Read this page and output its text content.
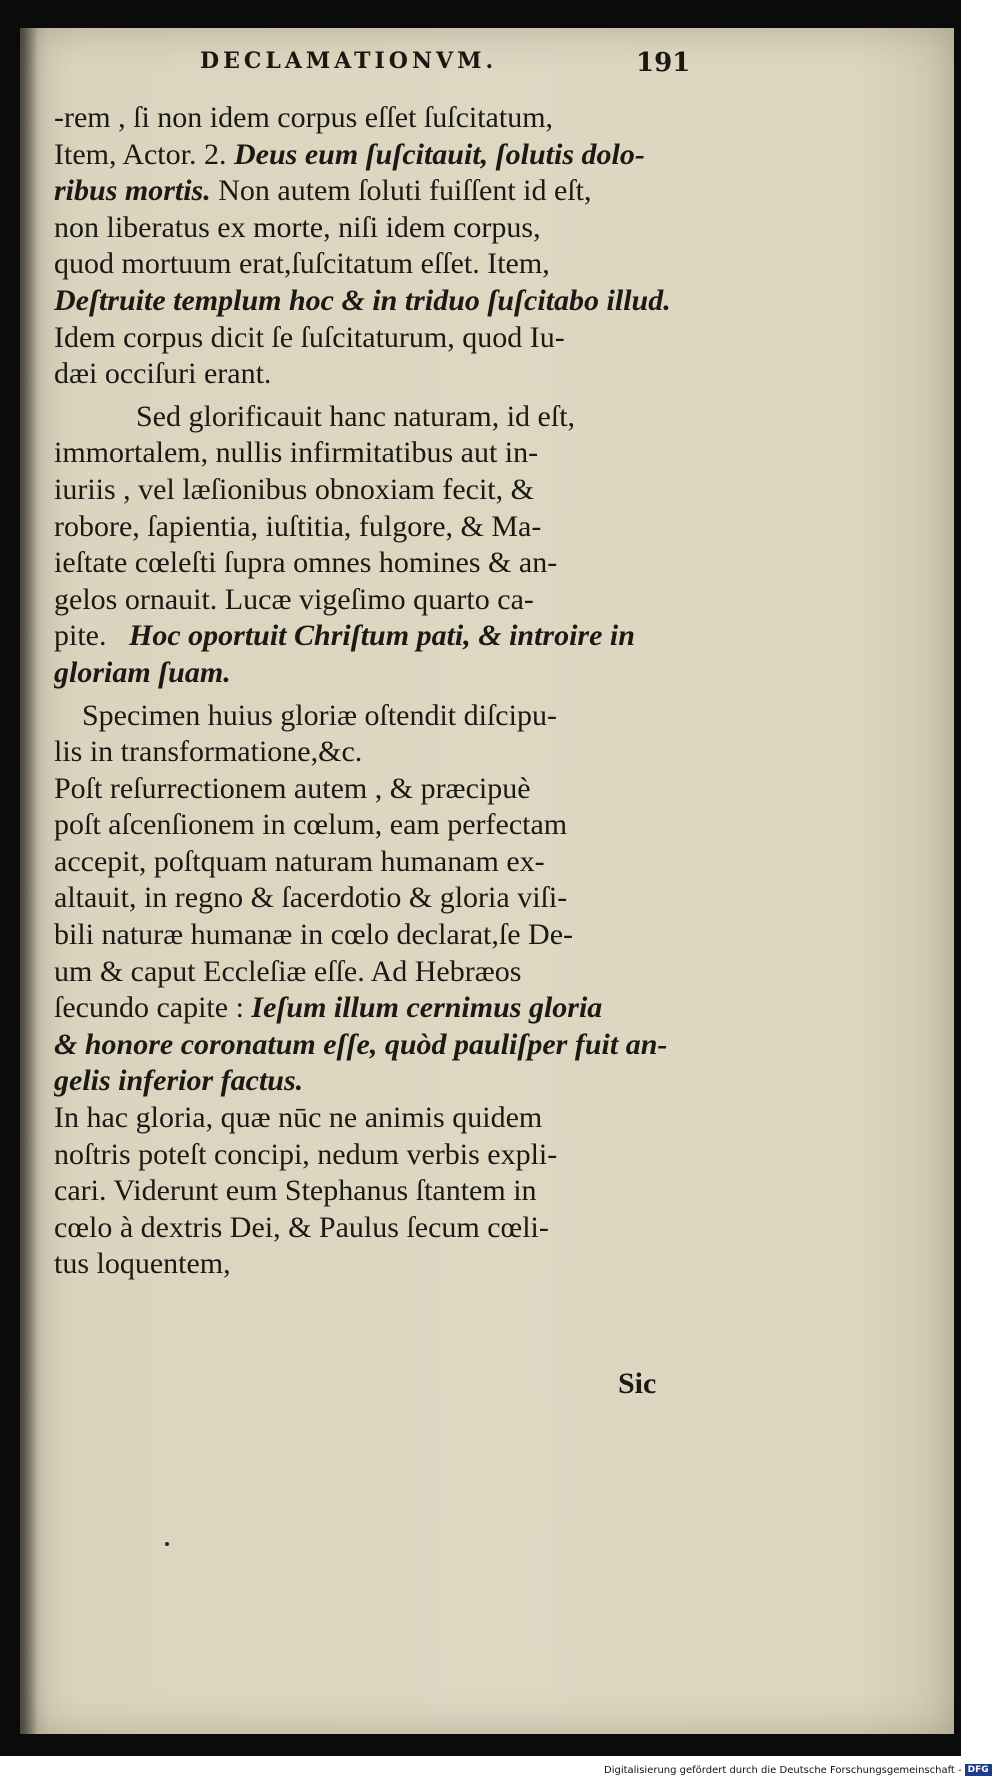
DECLAMATIONVM.	191
-rem , ſi non idem corpus eſſet ſuſcitatum,
Item, Actor. 2. Deus eum ſuſcitauit, ſolutis dolo-
ribus mortis. Non autem ſoluti fuiſſent id eſt,
non liberatus ex morte, niſi idem corpus,
quod mortuum erat,ſuſcitatum eſſet. Item,
Deſtruite templum hoc & in triduo ſuſcitabo illud.
Idem corpus dicit ſe ſuſcitaturum, quod Iu-
dæi occiſuri erant.
Sed glorificauit hanc naturam, id eſt,
immortalem, nullis infirmitatibus aut in-
iuriis , vel læſionibus obnoxiam fecit, &
robore, ſapientia, iuſtitia, fulgore, & Ma-
ieſtate cœleſti ſupra omnes homines & an-
gelos ornauit. Lucæ vigeſimo quarto ca-
pite. Hoc oportuit Chriſtum pati, & introire in
gloriam ſuam.
Specimen huius gloriæ oſtendit diſcipu-
lis in transformatione,&c.
Poſt reſurrectionem autem , & præcipuè
poſt aſcenſionem in cœlum, eam perfectam
accepit, poſtquam naturam humanam ex-
altauit, in regno & ſacerdotio & gloria viſi-
bili naturæ humanæ in cœlo declarat,ſe De-
um & caput Eccleſiæ eſſe. Ad Hebræos
ſecundo capite : Ieſum illum cernimus gloria
& honore coronatum eſſe, quòd pauliſper fuit an-
gelis inferior factus.
In hac gloria, quæ nūc ne animis quidem
noſtris poteſt concipi, nedum verbis expli-
cari. Viderunt eum Stephanus ſtantem in
cœlo à dextris Dei, & Paulus ſecum cœli-
tus loquentem,
Sic
Digitalisierung gefördert durch die Deutsche Forschungsgemeinschaft - DFG
